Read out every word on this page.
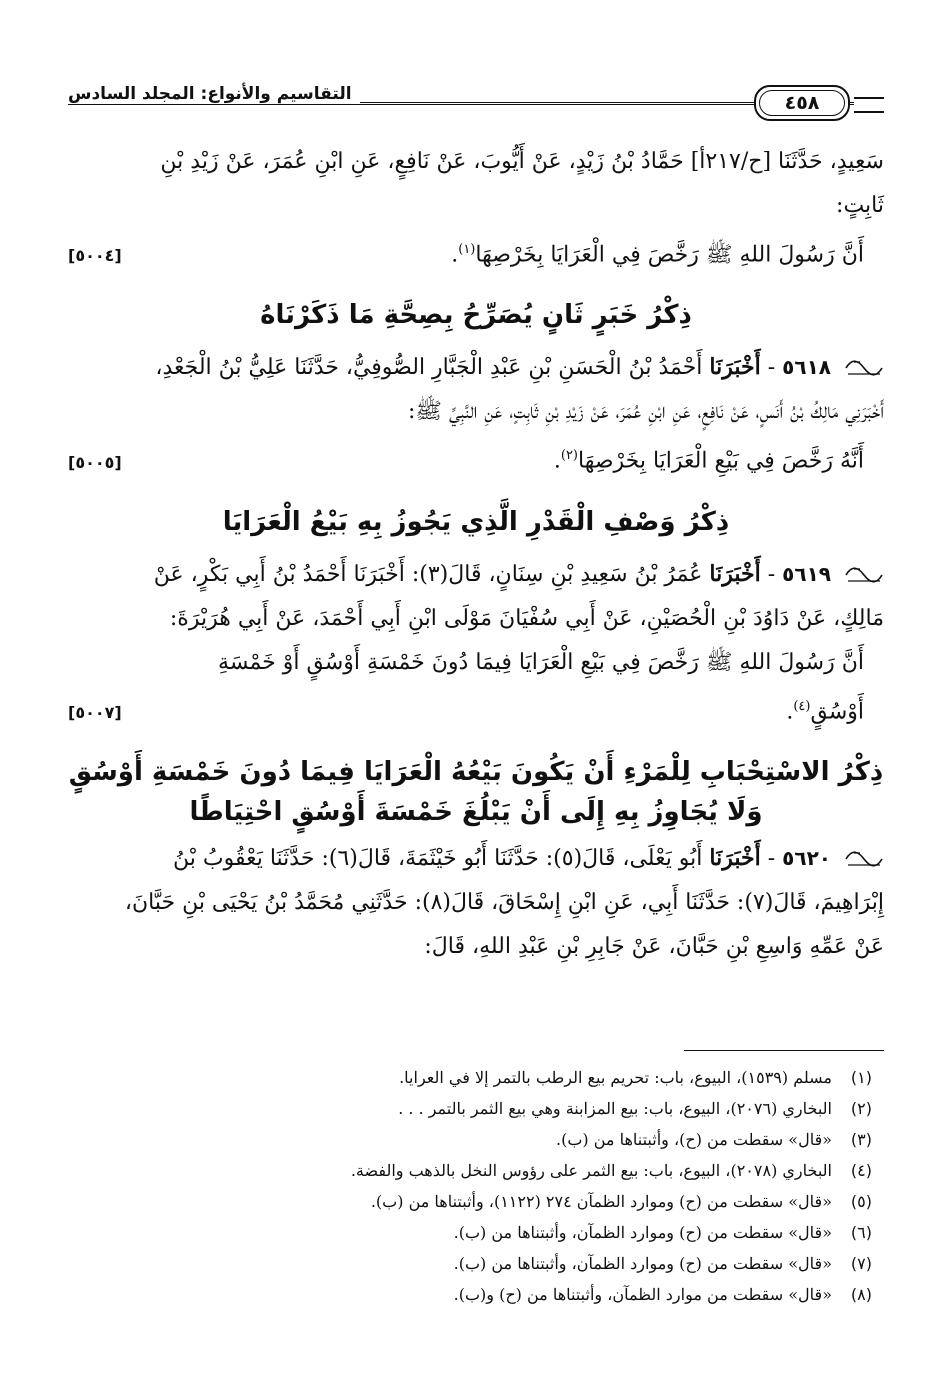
٤٥٨
التقاسيم والأنواع: المجلد السادس

سَعِيدٍ، حَدَّثَنَا [ح/٢١٧أ] حَمَّادُ بْنُ زَيْدٍ، عَنْ أَيُّوبَ، عَنْ نَافِعٍ، عَنِ ابْنِ عُمَرَ، عَنْ زَيْدِ بْنِ

ثَابِتٍ:

أَنَّ رَسُولَ اللهِ ﷺ رَخَّصَ فِي الْعَرَايَا بِخَرْصِهَا$^{(١)}$.

[٥٠٠٤]
ذِكْرُ خَبَرٍ ثَانٍ يُصَرِّحُ بِصِحَّةِ مَا ذَكَرْنَاهُ

٥٦١٨ - أَخْبَرَنَا أَحْمَدُ بْنُ الْحَسَنِ بْنِ عَبْدِ الْجَبَّارِ الصُّوفِيُّ، حَدَّثَنَا عَلِيُّ بْنُ الْجَعْدِ،

أَخْبَرَنِي مَالِكُ بْنُ أَنَسٍ، عَنْ نَافِعٍ، عَنِ ابْنِ عُمَرَ، عَنْ زَيْدِ بْنِ ثَابِتٍ، عَنِ النَّبِيِّ ﷺ:

أَنَّهُ رَخَّصَ فِي بَيْعِ الْعَرَايَا بِخَرْصِهَا$^{(٢)}$.

[٥٠٠٥]
ذِكْرُ وَصْفِ الْقَدْرِ الَّذِي يَجُوزُ بِهِ بَيْعُ الْعَرَايَا

٥٦١٩ - أَخْبَرَنَا عُمَرُ بْنُ سَعِيدِ بْنِ سِنَانٍ، قَالَ(٣): أَخْبَرَنَا أَحْمَدُ بْنُ أَبِي بَكْرٍ، عَنْ

مَالِكٍ، عَنْ دَاوُدَ بْنِ الْحُصَيْنِ، عَنْ أَبِي سُفْيَانَ مَوْلَى ابْنِ أَبِي أَحْمَدَ، عَنْ أَبِي هُرَيْرَةَ:

أَنَّ رَسُولَ اللهِ ﷺ رَخَّصَ فِي بَيْعِ الْعَرَايَا فِيمَا دُونَ خَمْسَةِ أَوْسُقٍ أَوْ خَمْسَةِ

أَوْسُقٍ$^{(٤)}$.

[٥٠٠٧]
ذِكْرُ الاسْتِحْبَابِ لِلْمَرْءِ أَنْ يَكُونَ بَيْعُهُ الْعَرَايَا فِيمَا دُونَ خَمْسَةِ أَوْسُقٍ
وَلَا يُجَاوِزُ بِهِ إِلَى أَنْ يَبْلُغَ خَمْسَةَ أَوْسُقٍ احْتِيَاطًا

٥٦٢٠ - أَخْبَرَنَا أَبُو يَعْلَى، قَالَ(٥): حَدَّثَنَا أَبُو خَيْثَمَةَ، قَالَ(٦): حَدَّثَنَا يَعْقُوبُ بْنُ

إِبْرَاهِيمَ، قَالَ(٧): حَدَّثَنَا أَبِي، عَنِ ابْنِ إِسْحَاقَ، قَالَ(٨): حَدَّثَنِي مُحَمَّدُ بْنُ يَحْيَى بْنِ حَبَّانَ،

عَنْ عَمِّهِ وَاسِعِ بْنِ حَبَّانَ، عَنْ جَابِرِ بْنِ عَبْدِ اللهِ، قَالَ:

(١)مسلم (١٥٣٩)، البيوع، باب: تحريم بيع الرطب بالتمر إلا في العرايا.
(٢)البخاري (٢٠٧٦)، البيوع، باب: بيع المزابنة وهي بيع الثمر بالتمر . . .
(٣)«قال» سقطت من (ح)، وأثبتناها من (ب).
(٤)البخاري (٢٠٧٨)، البيوع، باب: بيع الثمر على رؤوس النخل بالذهب والفضة.
(٥)«قال» سقطت من (ح) وموارد الظمآن ٢٧٤ (١١٢٢)، وأثبتناها من (ب).
(٦)«قال» سقطت من (ح) وموارد الظمآن، وأثبتناها من (ب).
(٧)«قال» سقطت من (ح) وموارد الظمآن، وأثبتناها من (ب).
(٨)«قال» سقطت من موارد الظمآن، وأثبتناها من (ح) و(ب).
